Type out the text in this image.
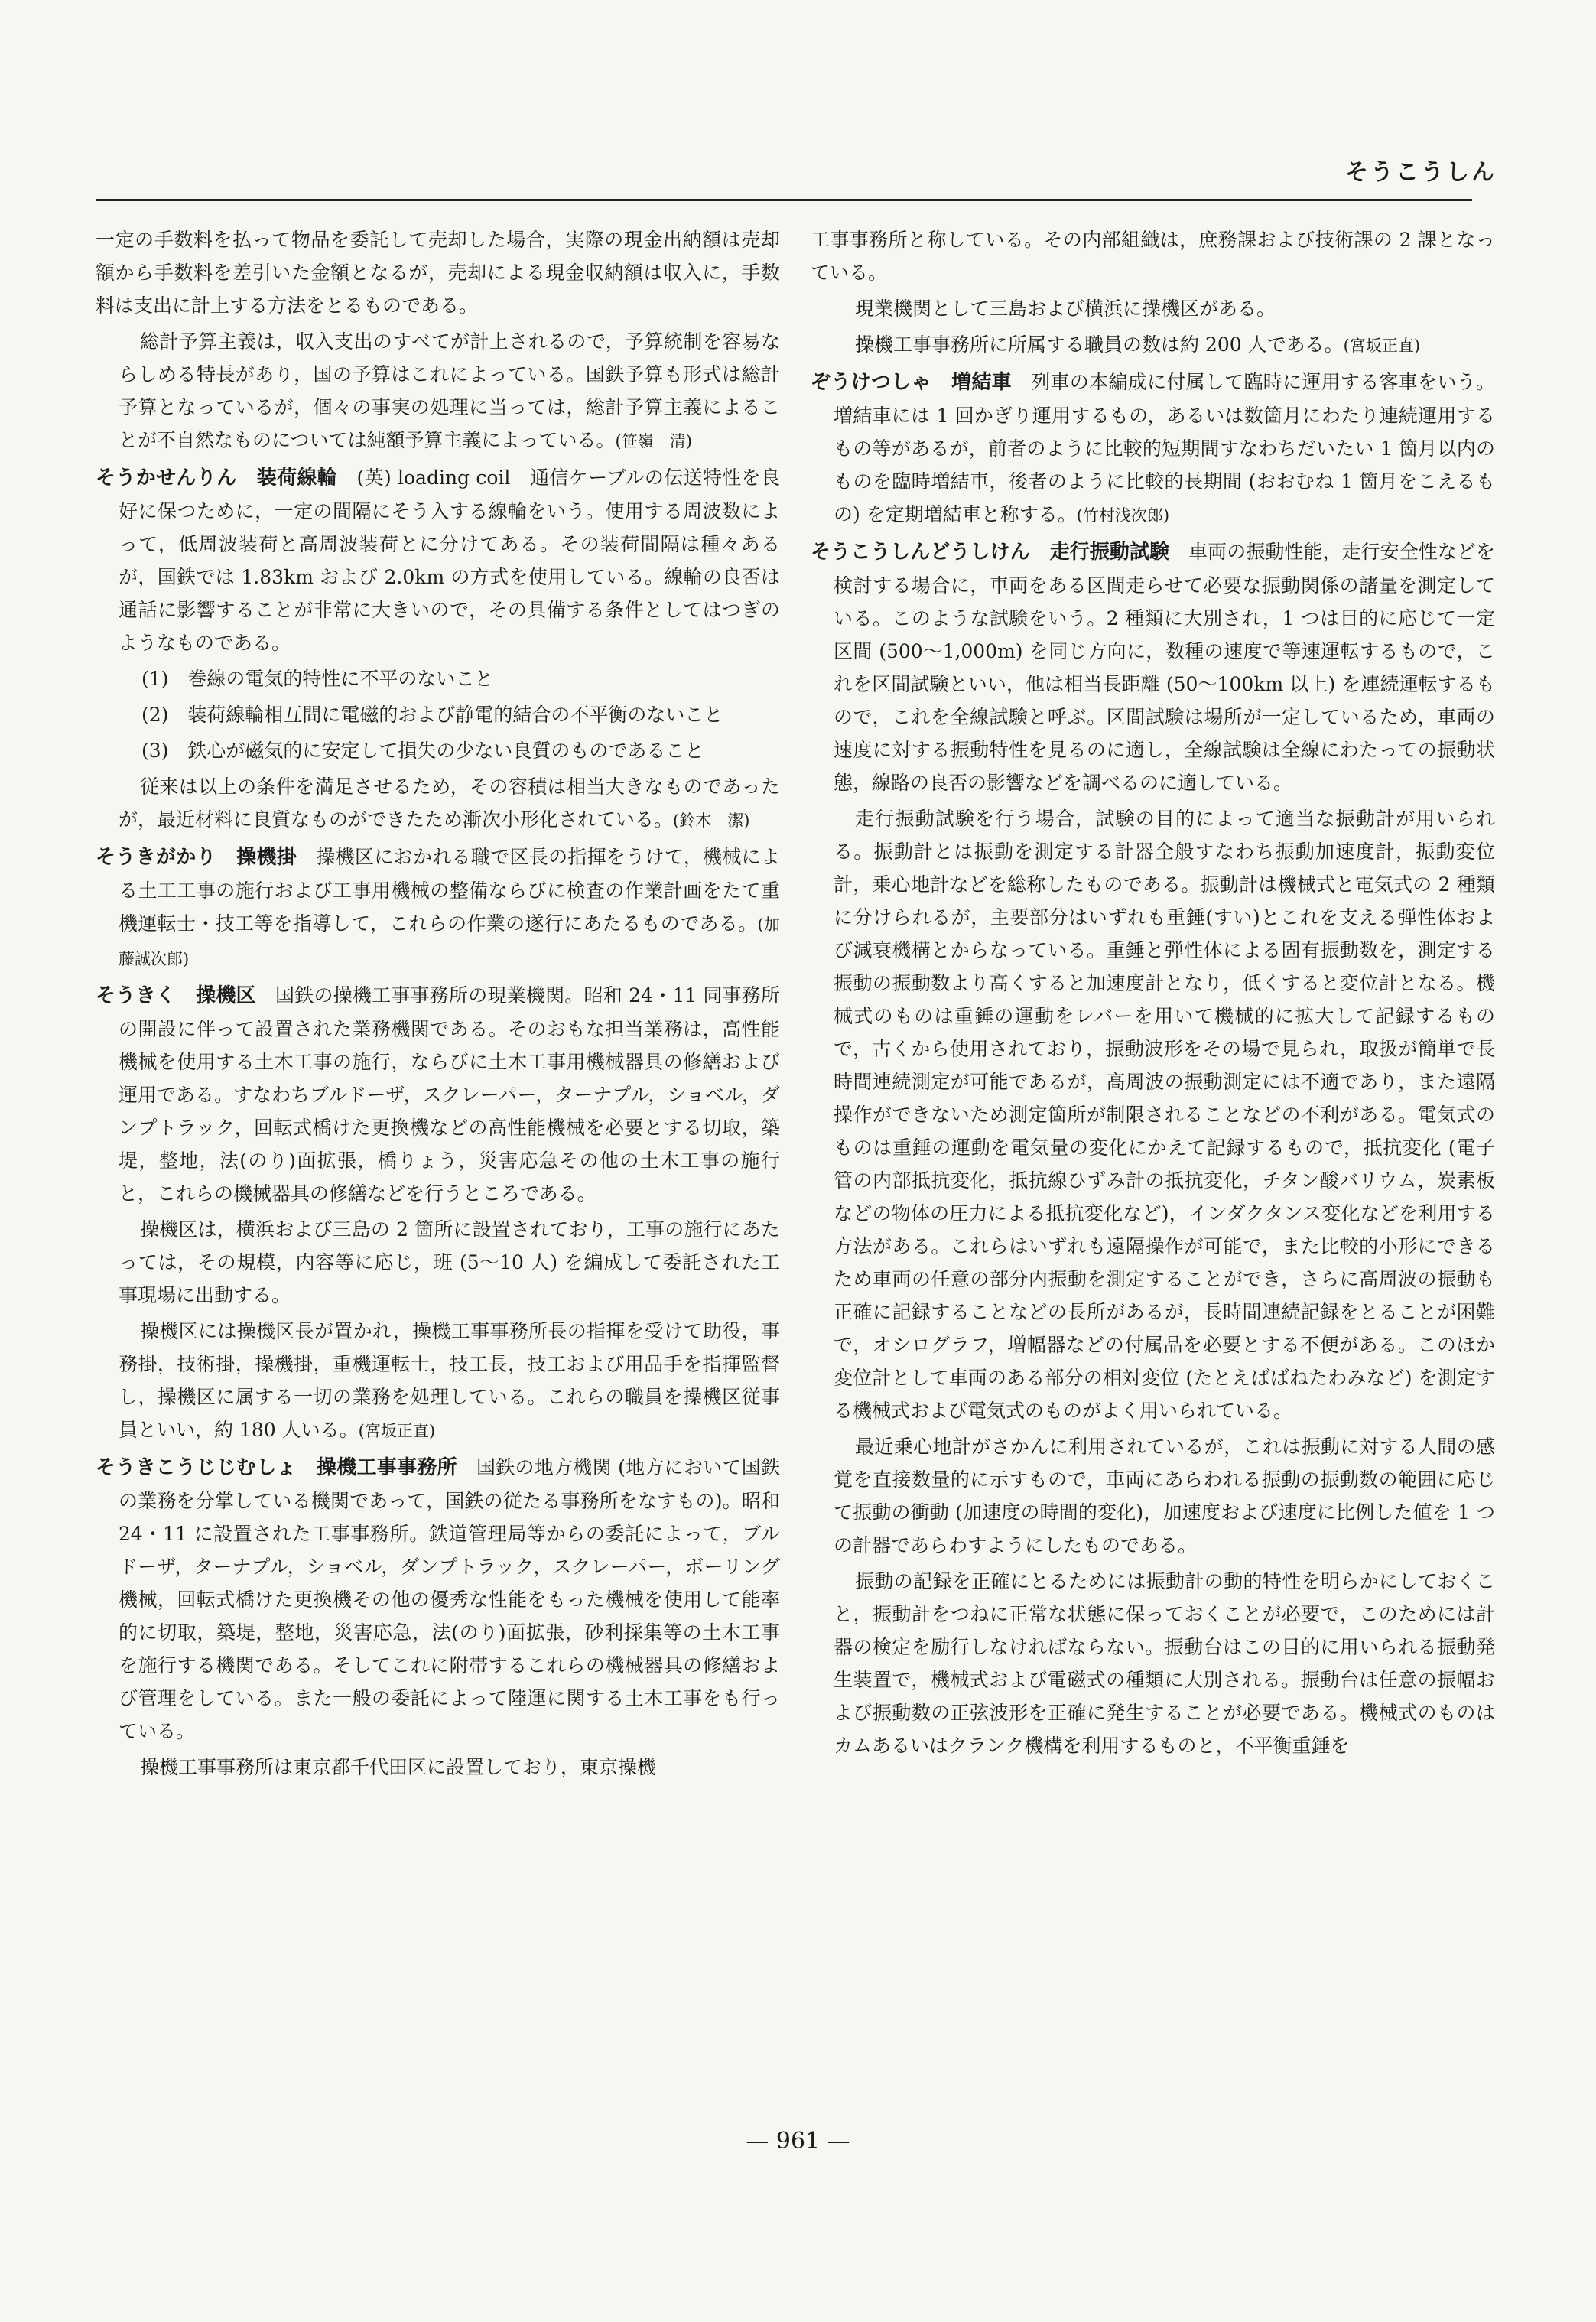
そうこうしん

一定の手数料を払って物品を委託して売却した場合，実際の現金出納額は売却額から手数料を差引いた金額となるが，売却による現金収納額は収入に，手数料は支出に計上する方法をとるものである。

総計予算主義は，収入支出のすべてが計上されるので，予算統制を容易ならしめる特長があり，国の予算はこれによっている。国鉄予算も形式は総計予算となっているが，個々の事実の処理に当っては，総計予算主義によることが不自然なものについては純額予算主義によっている。(笹嶺　清)

そうかせんりん　装荷線輪　 (英) loading coil　通信ケーブルの伝送特性を良好に保つために，一定の間隔にそう入する線輪をいう。使用する周波数によって，低周波装荷と高周波装荷とに分けてある。その装荷間隔は種々あるが，国鉄では 1.83km および 2.0km の方式を使用している。線輪の良否は通話に影響することが非常に大きいので，その具備する条件としてはつぎのようなものである。

(1)　巻線の電気的特性に不平のないこと

(2)　装荷線輪相互間に電磁的および静電的結合の不平衡のないこと

(3)　鉄心が磁気的に安定して損失の少ない良質のものであること

従来は以上の条件を満足させるため，その容積は相当大きなものであったが，最近材料に良質なものができたため漸次小形化されている。(鈴木　潔)

そうきがかり　操機掛　 操機区におかれる職で区長の指揮をうけて，機械による土工工事の施行および工事用機械の整備ならびに検査の作業計画をたて重機運転士・技工等を指導して，これらの作業の遂行にあたるものである。(加藤誠次郎)

そうきく　操機区　 国鉄の操機工事事務所の現業機関。昭和 24・11 同事務所の開設に伴って設置された業務機関である。そのおもな担当業務は，高性能機械を使用する土木工事の施行，ならびに土木工事用機械器具の修繕および運用である。すなわちブルドーザ，スクレーパー，ターナプル，ショベル，ダンプトラック，回転式橋けた更換機などの高性能機械を必要とする切取，築堤，整地，法(のり)面拡張，橋りょう，災害応急その他の土木工事の施行と，これらの機械器具の修繕などを行うところである。

操機区は，横浜および三島の 2 箇所に設置されており，工事の施行にあたっては，その規模，内容等に応じ，班 (5〜10 人) を編成して委託された工事現場に出動する。

操機区には操機区長が置かれ，操機工事事務所長の指揮を受けて助役，事務掛，技術掛，操機掛，重機運転士，技工長，技工および用品手を指揮監督し，操機区に属する一切の業務を処理している。これらの職員を操機区従事員といい，約 180 人いる。(宮坂正直)

そうきこうじじむしょ　操機工事事務所　 国鉄の地方機関 (地方において国鉄の業務を分掌している機関であって，国鉄の従たる事務所をなすもの)。昭和 24・11 に設置された工事事務所。鉄道管理局等からの委託によって，ブルドーザ，ターナプル，ショベル，ダンプトラック，スクレーパー，ボーリング機械，回転式橋けた更換機その他の優秀な性能をもった機械を使用して能率的に切取，築堤，整地，災害応急，法(のり)面拡張，砂利採集等の土木工事を施行する機関である。そしてこれに附帯するこれらの機械器具の修繕および管理をしている。また一般の委託によって陸運に関する土木工事をも行っている。

操機工事事務所は東京都千代田区に設置しており，東京操機

工事事務所と称している。その内部組織は，庶務課および技術課の 2 課となっている。

現業機関として三島および横浜に操機区がある。

操機工事事務所に所属する職員の数は約 200 人である。(宮坂正直)

ぞうけつしゃ　増結車　 列車の本編成に付属して臨時に運用する客車をいう。増結車には 1 回かぎり運用するもの，あるいは数箇月にわたり連続運用するもの等があるが，前者のように比較的短期間すなわちだいたい 1 箇月以内のものを臨時増結車，後者のように比較的長期間 (おおむね 1 箇月をこえるもの) を定期増結車と称する。(竹村浅次郎)

そうこうしんどうしけん　走行振動試験　 車両の振動性能，走行安全性などを検討する場合に，車両をある区間走らせて必要な振動関係の諸量を測定している。このような試験をいう。2 種類に大別され，1 つは目的に応じて一定区間 (500〜1,000m) を同じ方向に，数種の速度で等速運転するもので，これを区間試験といい，他は相当長距離 (50〜100km 以上) を連続運転するもので，これを全線試験と呼ぶ。区間試験は場所が一定しているため，車両の速度に対する振動特性を見るのに適し，全線試験は全線にわたっての振動状態，線路の良否の影響などを調べるのに適している。

走行振動試験を行う場合，試験の目的によって適当な振動計が用いられる。振動計とは振動を測定する計器全般すなわち振動加速度計，振動変位計，乗心地計などを総称したものである。振動計は機械式と電気式の 2 種類に分けられるが，主要部分はいずれも重錘(すい)とこれを支える弾性体および減衰機構とからなっている。重錘と弾性体による固有振動数を，測定する振動の振動数より高くすると加速度計となり，低くすると変位計となる。機械式のものは重錘の運動をレバーを用いて機械的に拡大して記録するもので，古くから使用されており，振動波形をその場で見られ，取扱が簡単で長時間連続測定が可能であるが，高周波の振動測定には不適であり，また遠隔操作ができないため測定箇所が制限されることなどの不利がある。電気式のものは重錘の運動を電気量の変化にかえて記録するもので，抵抗変化 (電子管の内部抵抗変化，抵抗線ひずみ計の抵抗変化，チタン酸バリウム，炭素板などの物体の圧力による抵抗変化など)，インダクタンス変化などを利用する方法がある。これらはいずれも遠隔操作が可能で，また比較的小形にできるため車両の任意の部分内振動を測定することができ，さらに高周波の振動も正確に記録することなどの長所があるが，長時間連続記録をとることが困難で，オシログラフ，増幅器などの付属品を必要とする不便がある。このほか変位計として車両のある部分の相対変位 (たとえばばねたわみなど) を測定する機械式および電気式のものがよく用いられている。

最近乗心地計がさかんに利用されているが，これは振動に対する人間の感覚を直接数量的に示すもので，車両にあらわれる振動の振動数の範囲に応じて振動の衝動 (加速度の時間的変化)，加速度および速度に比例した値を 1 つの計器であらわすようにしたものである。

振動の記録を正確にとるためには振動計の動的特性を明らかにしておくこと，振動計をつねに正常な状態に保っておくことが必要で，このためには計器の検定を励行しなければならない。振動台はこの目的に用いられる振動発生装置で，機械式および電磁式の種類に大別される。振動台は任意の振幅および振動数の正弦波形を正確に発生することが必要である。機械式のものはカムあるいはクランク機構を利用するものと，不平衡重錘を

— 961 —
